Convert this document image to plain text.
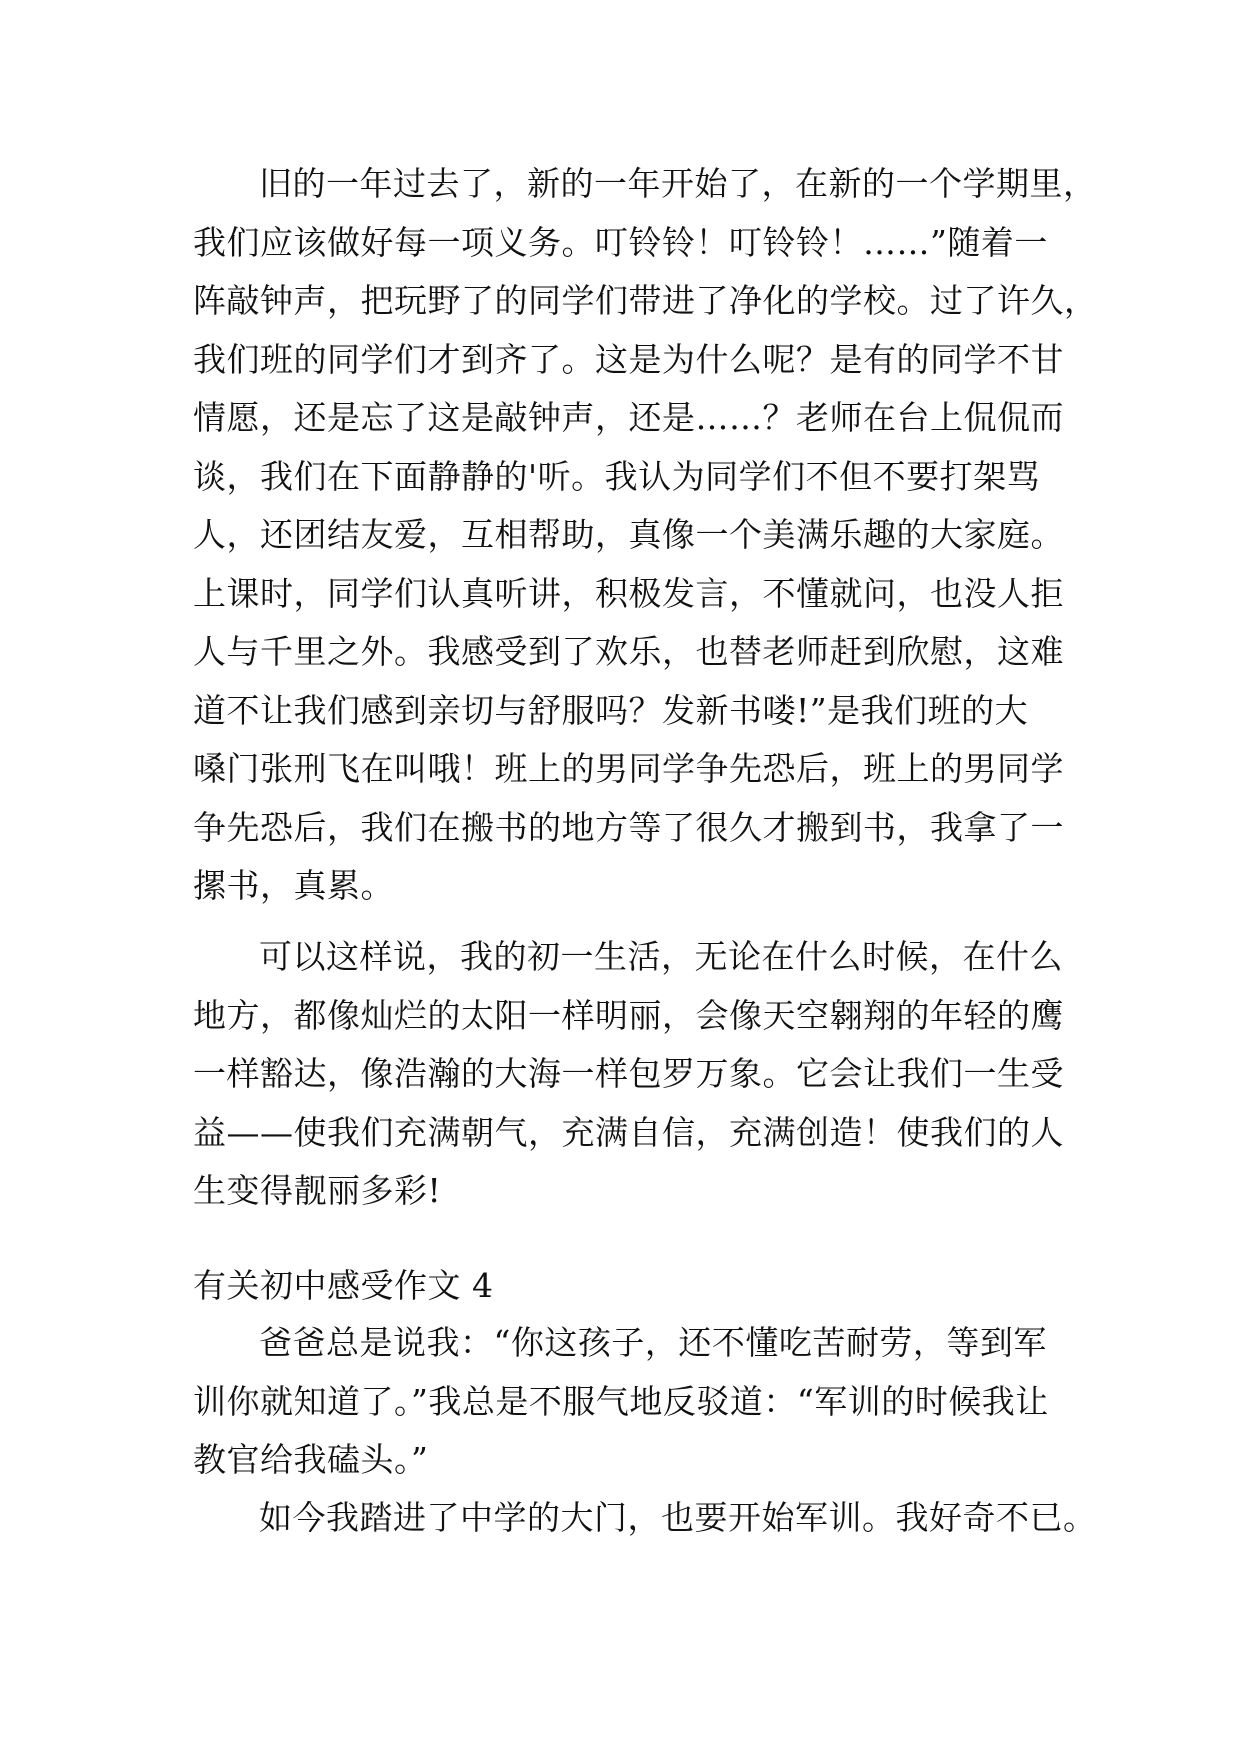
旧的一年过去了，新的一年开始了，在新的一个学期里，
我们应该做好每一项义务。叮铃铃！叮铃铃！……”随着一
阵敲钟声，把玩野了的同学们带进了净化的学校。过了许久，
我们班的同学们才到齐了。这是为什么呢？是有的同学不甘
情愿，还是忘了这是敲钟声，还是……？老师在台上侃侃而
谈，我们在下面静静的'听。我认为同学们不但不要打架骂
人，还团结友爱，互相帮助，真像一个美满乐趣的大家庭。
上课时，同学们认真听讲，积极发言，不懂就问，也没人拒
人与千里之外。我感受到了欢乐，也替老师赶到欣慰，这难
道不让我们感到亲切与舒服吗？发新书喽!”是我们班的大
嗓门张刑飞在叫哦！班上的男同学争先恐后，班上的男同学
争先恐后，我们在搬书的地方等了很久才搬到书，我拿了一
摞书，真累。
可以这样说，我的初一生活，无论在什么时候，在什么
地方，都像灿烂的太阳一样明丽，会像天空翱翔的年轻的鹰
一样豁达，像浩瀚的大海一样包罗万象。它会让我们一生受
益——使我们充满朝气，充满自信，充满创造！使我们的人
生变得靓丽多彩!
有关初中感受作文 4
爸爸总是说我：“你这孩子，还不懂吃苦耐劳，等到军
训你就知道了。”我总是不服气地反驳道：“军训的时候我让
教官给我磕头。”
如今我踏进了中学的大门，也要开始军训。我好奇不已。
